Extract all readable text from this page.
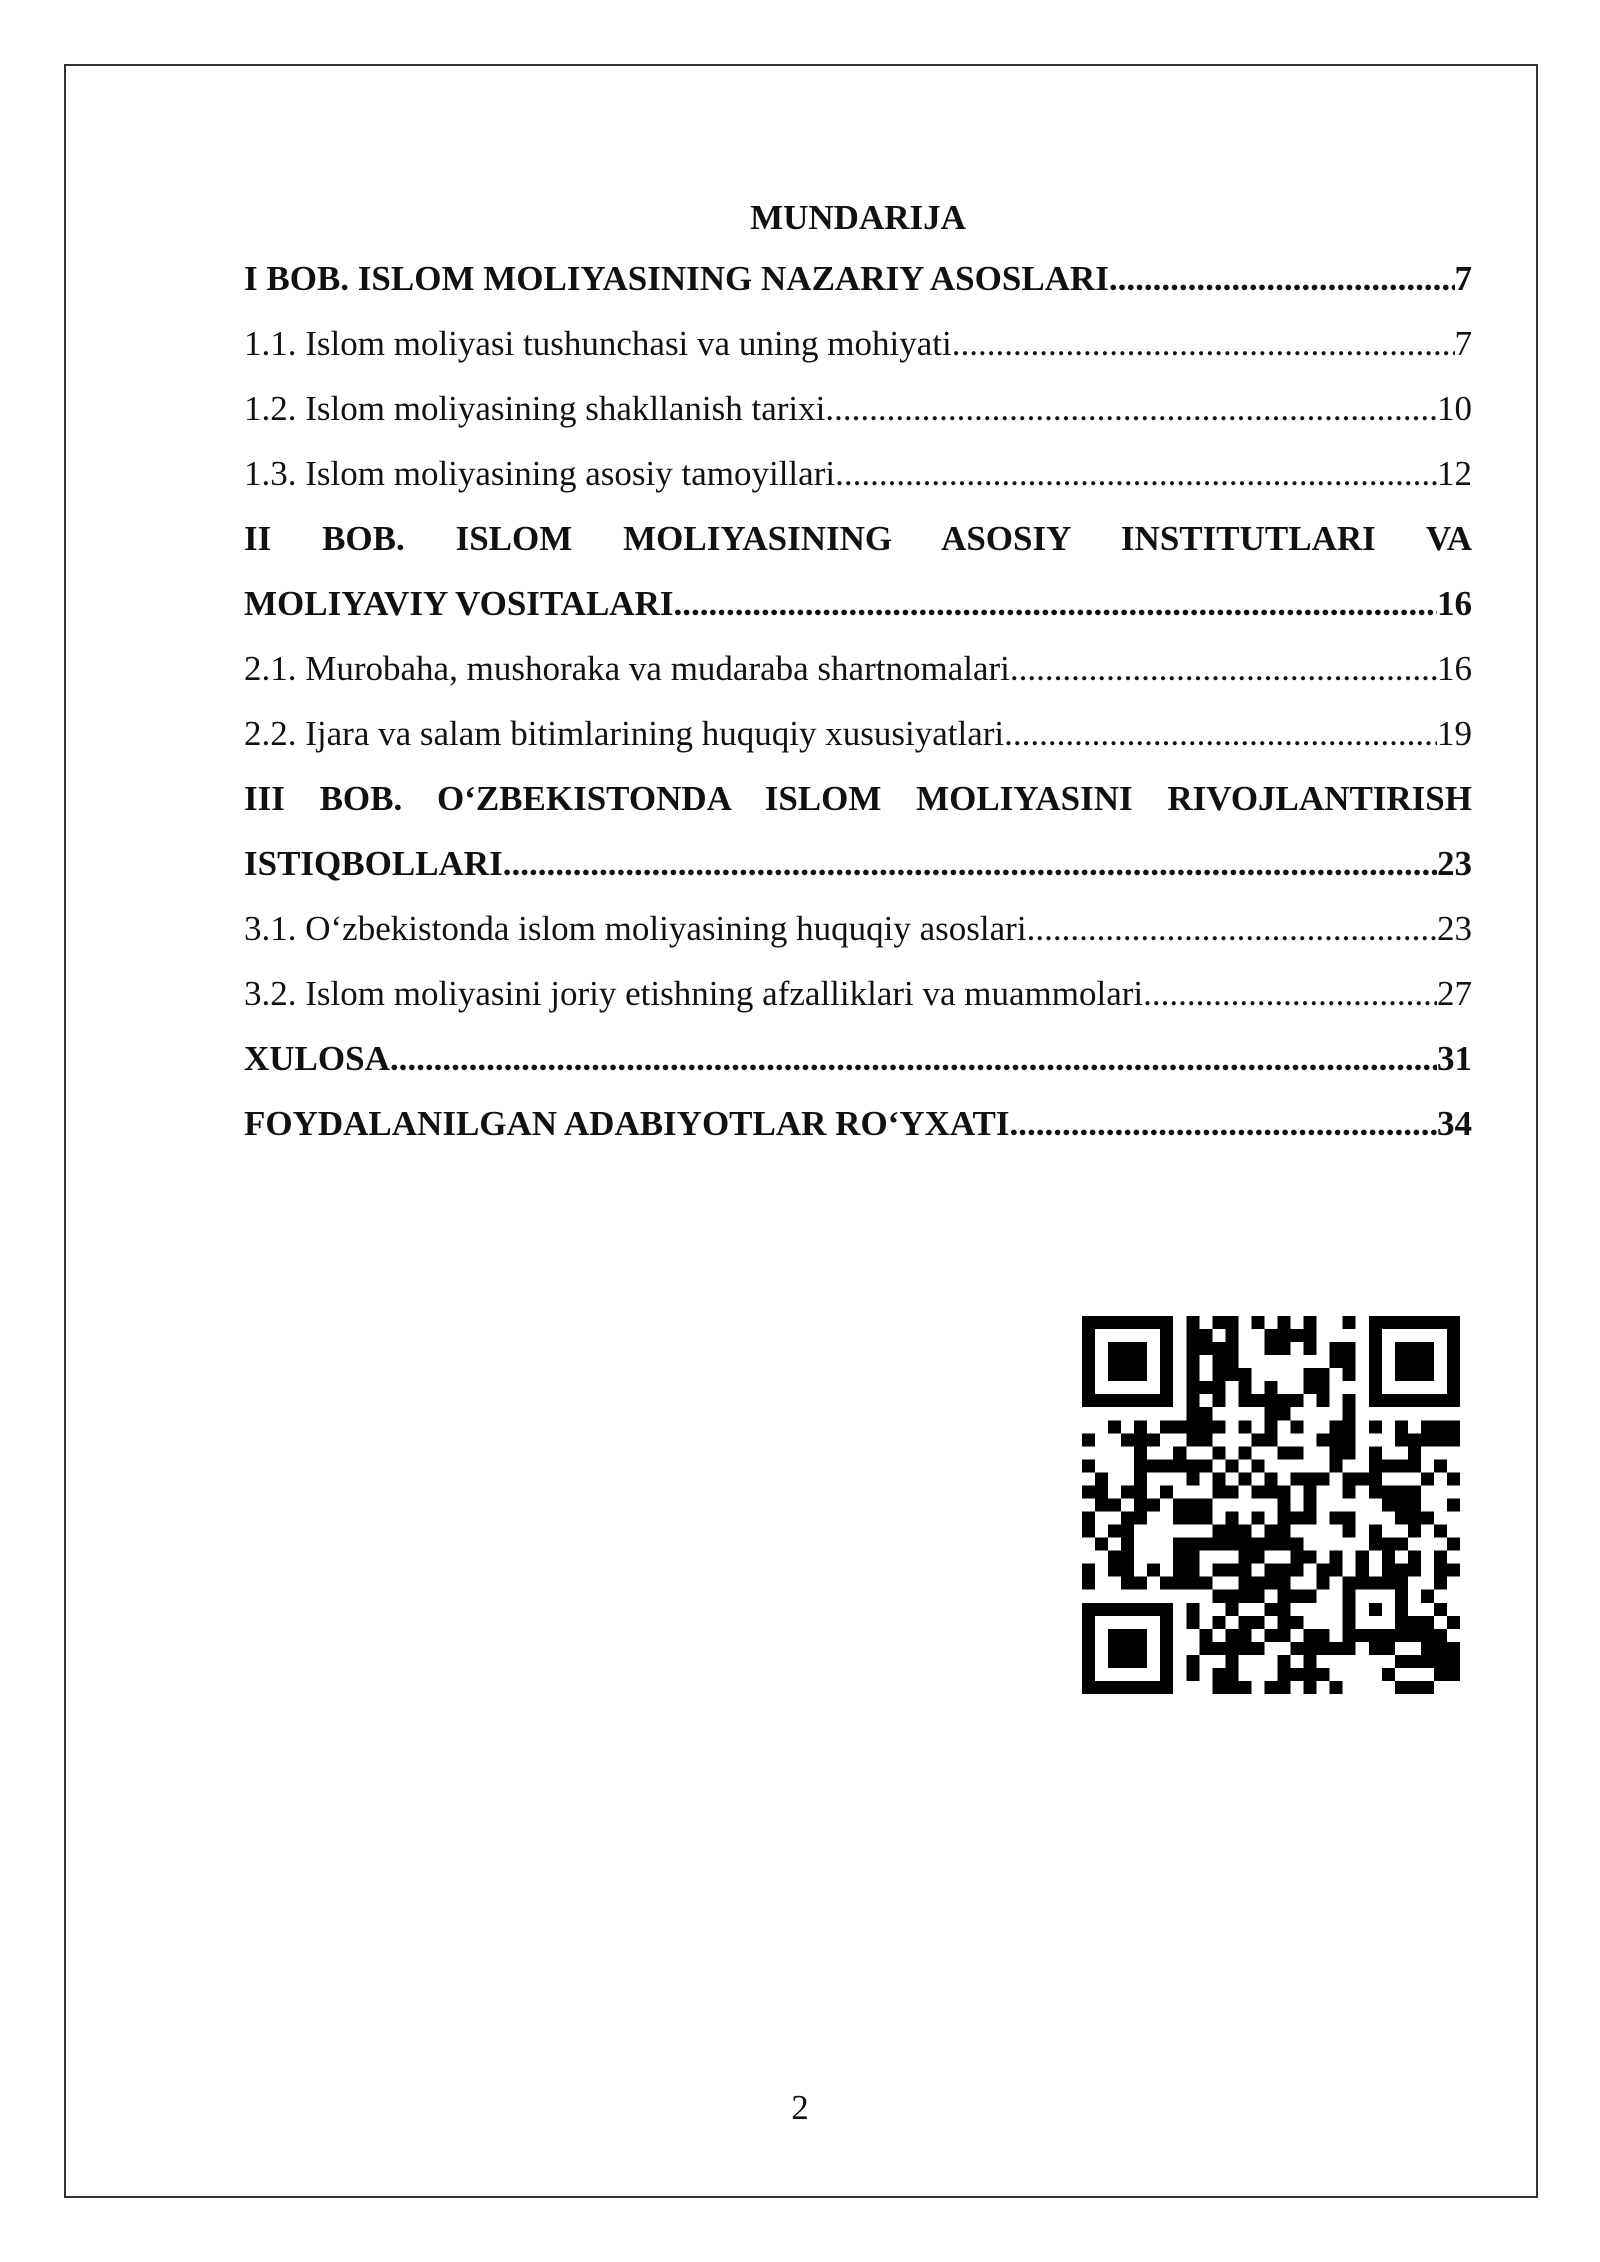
MUNDARIJA
I BOB. ISLOM MOLIYASINING NAZARIY ASOSLARI .....	7
1.1. Islom moliyasi tushunchasi va uning mohiyati .....	7
1.2. Islom moliyasining shakllanish tarixi .....	10
1.3. Islom moliyasining asosiy tamoyillari .....	12
II BOB. ISLOM MOLIYASINING ASOSIY INSTITUTLARI VA
MOLIYAVIY VOSITALARI .....	16
2.1. Murobaha, mushoraka va mudaraba shartnomalari .....	16
2.2. Ijara va salam bitimlarining huquqiy xususiyatlari .....	19
III BOB. O‘ZBEKISTONDA ISLOM MOLIYASINI RIVOJLANTIRISH
ISTIQBOLLARI .....	23
3.1. O‘zbekistonda islom moliyasining huquqiy asoslari .....	23
3.2. Islom moliyasini joriy etishning afzalliklari va muammolari .....	27
XULOSA .....	31
FOYDALANILGAN ADABIYOTLAR RO‘YXATI .....	34
2
